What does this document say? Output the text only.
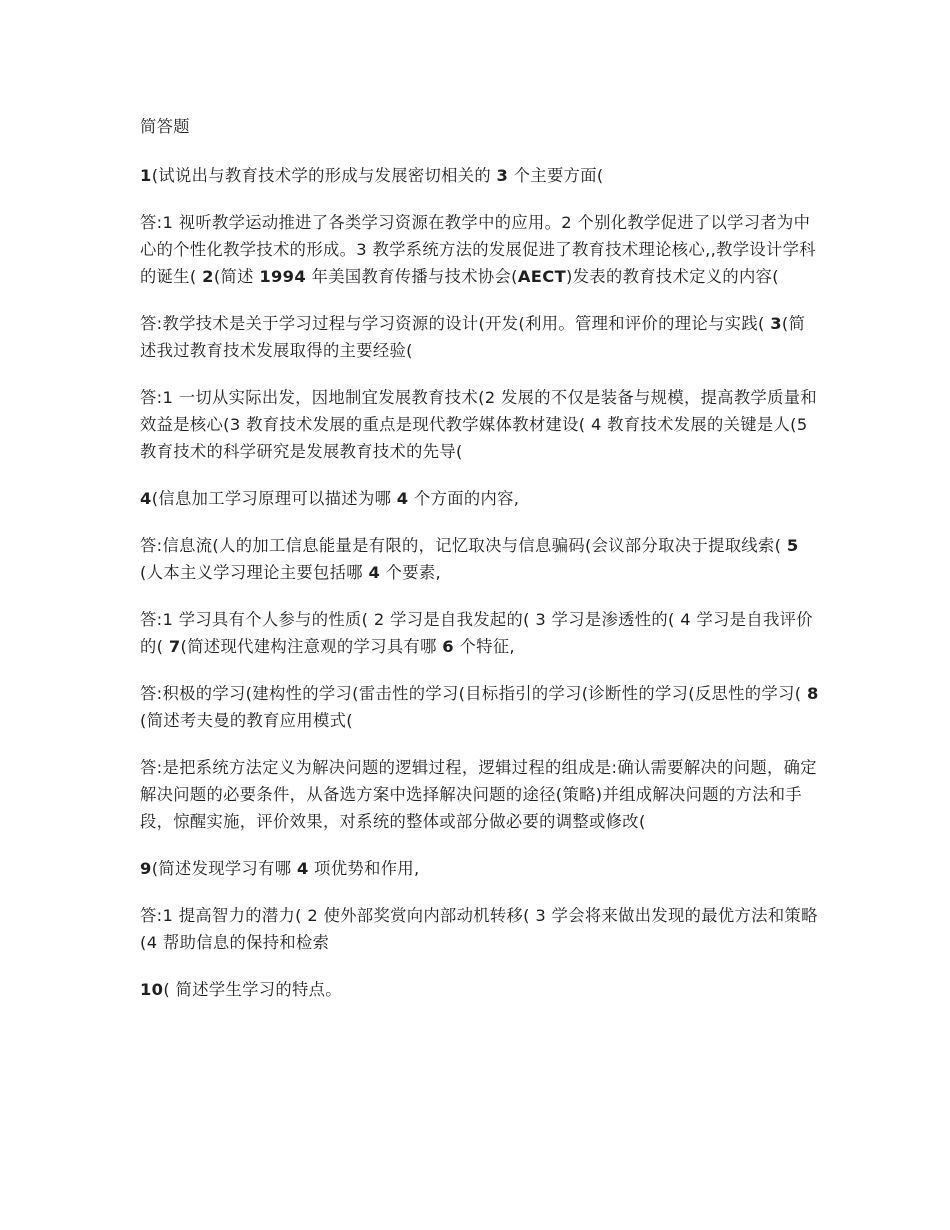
简答题

1(试说出与教育技术学的形成与发展密切相关的 3 个主要方面(

答:1 视听教学运动推进了各类学习资源在教学中的应用。2 个别化教学促进了以学习者为中心的个性化教学技术的形成。3 教学系统方法的发展促进了教育技术理论核心,,教学设计学科的诞生( 2(简述 1994 年美国教育传播与技术协会(AECT)发表的教育技术定义的内容(

答:教学技术是关于学习过程与学习资源的设计(开发(利用。管理和评价的理论与实践( 3(简述我过教育技术发展取得的主要经验(

答:1 一切从实际出发，因地制宜发展教育技术(2 发展的不仅是装备与规模，提高教学质量和效益是核心(3 教育技术发展的重点是现代教学媒体教材建设( 4 教育技术发展的关键是人(5 教育技术的科学研究是发展教育技术的先导(

4(信息加工学习原理可以描述为哪 4 个方面的内容,

答:信息流(人的加工信息能量是有限的，记忆取决与信息骗码(会议部分取决于提取线索( 5(人本主义学习理论主要包括哪 4 个要素,

答:1 学习具有个人参与的性质( 2 学习是自我发起的( 3 学习是渗透性的( 4 学习是自我评价的( 7(简述现代建构注意观的学习具有哪 6 个特征,

答:积极的学习(建构性的学习(雷击性的学习(目标指引的学习(诊断性的学习(反思性的学习( 8(简述考夫曼的教育应用模式(

答:是把系统方法定义为解决问题的逻辑过程，逻辑过程的组成是:确认需要解决的问题，确定解决问题的必要条件，从备选方案中选择解决问题的途径(策略)并组成解决问题的方法和手段，惊醒实施，评价效果，对系统的整体或部分做必要的调整或修改(

9(简述发现学习有哪 4 项优势和作用,

答:1 提高智力的潜力( 2 使外部奖赏向内部动机转移( 3 学会将来做出发现的最优方法和策略(4 帮助信息的保持和检索

10( 简述学生学习的特点。
